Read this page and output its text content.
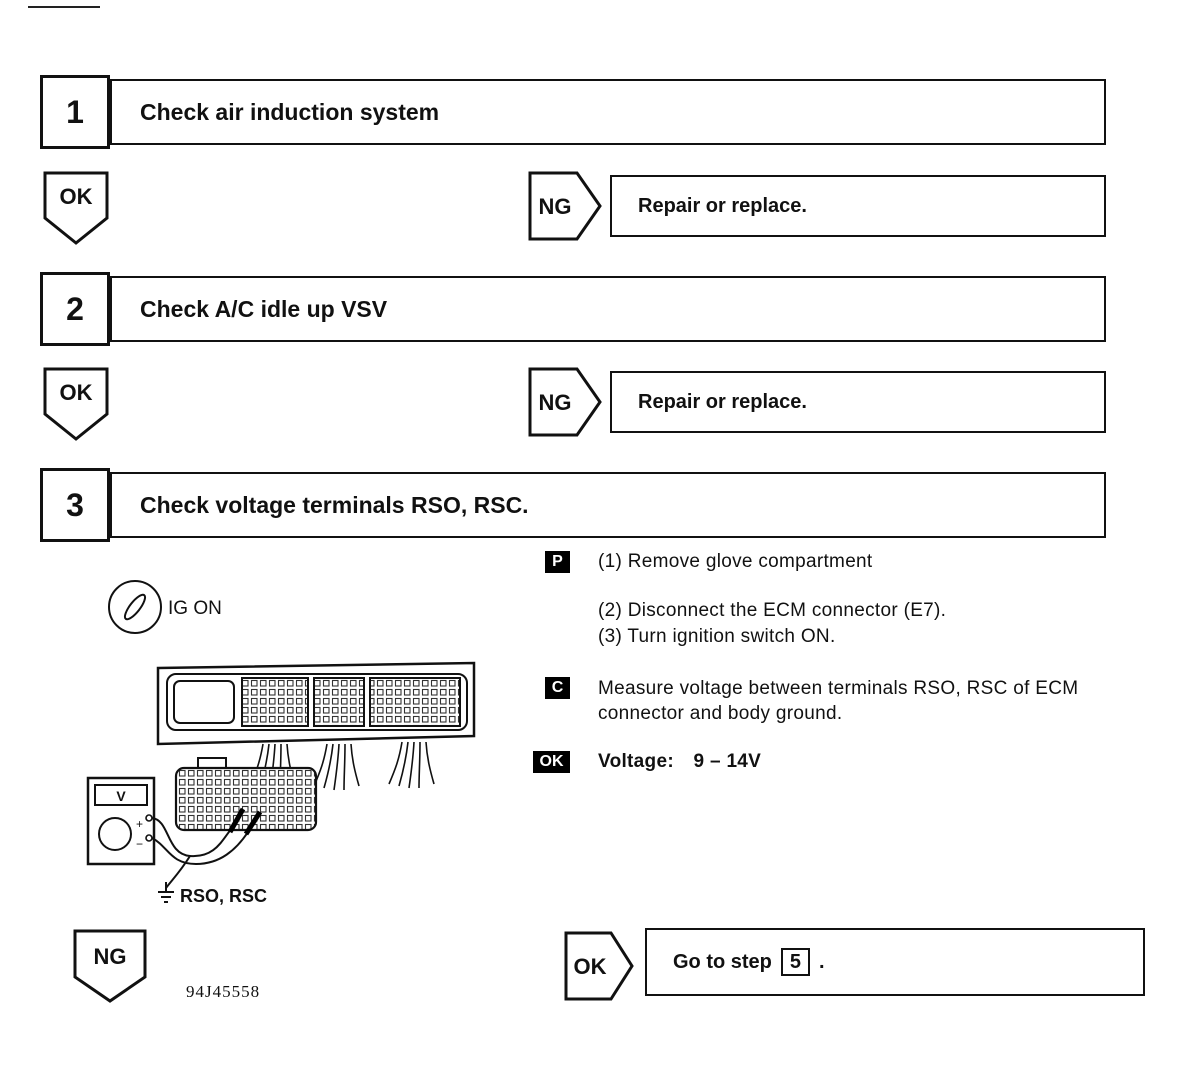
1	Check air induction system
OK	NG	Repair or replace.
2	Check A/C idle up VSV
OK	NG	Repair or replace.
3	Check voltage terminals RSO, RSC.
P	(1) Remove glove compartment
(2) Disconnect the ECM connector (E7).
(3) Turn ignition switch ON.
C	Measure voltage between terminals RSO, RSC of ECM connector and body ground.
OK	Voltage: 9 – 14V
IG ON
V
+
−
RSO, RSC
NG
94J45558
OK	Go to step 5 .
